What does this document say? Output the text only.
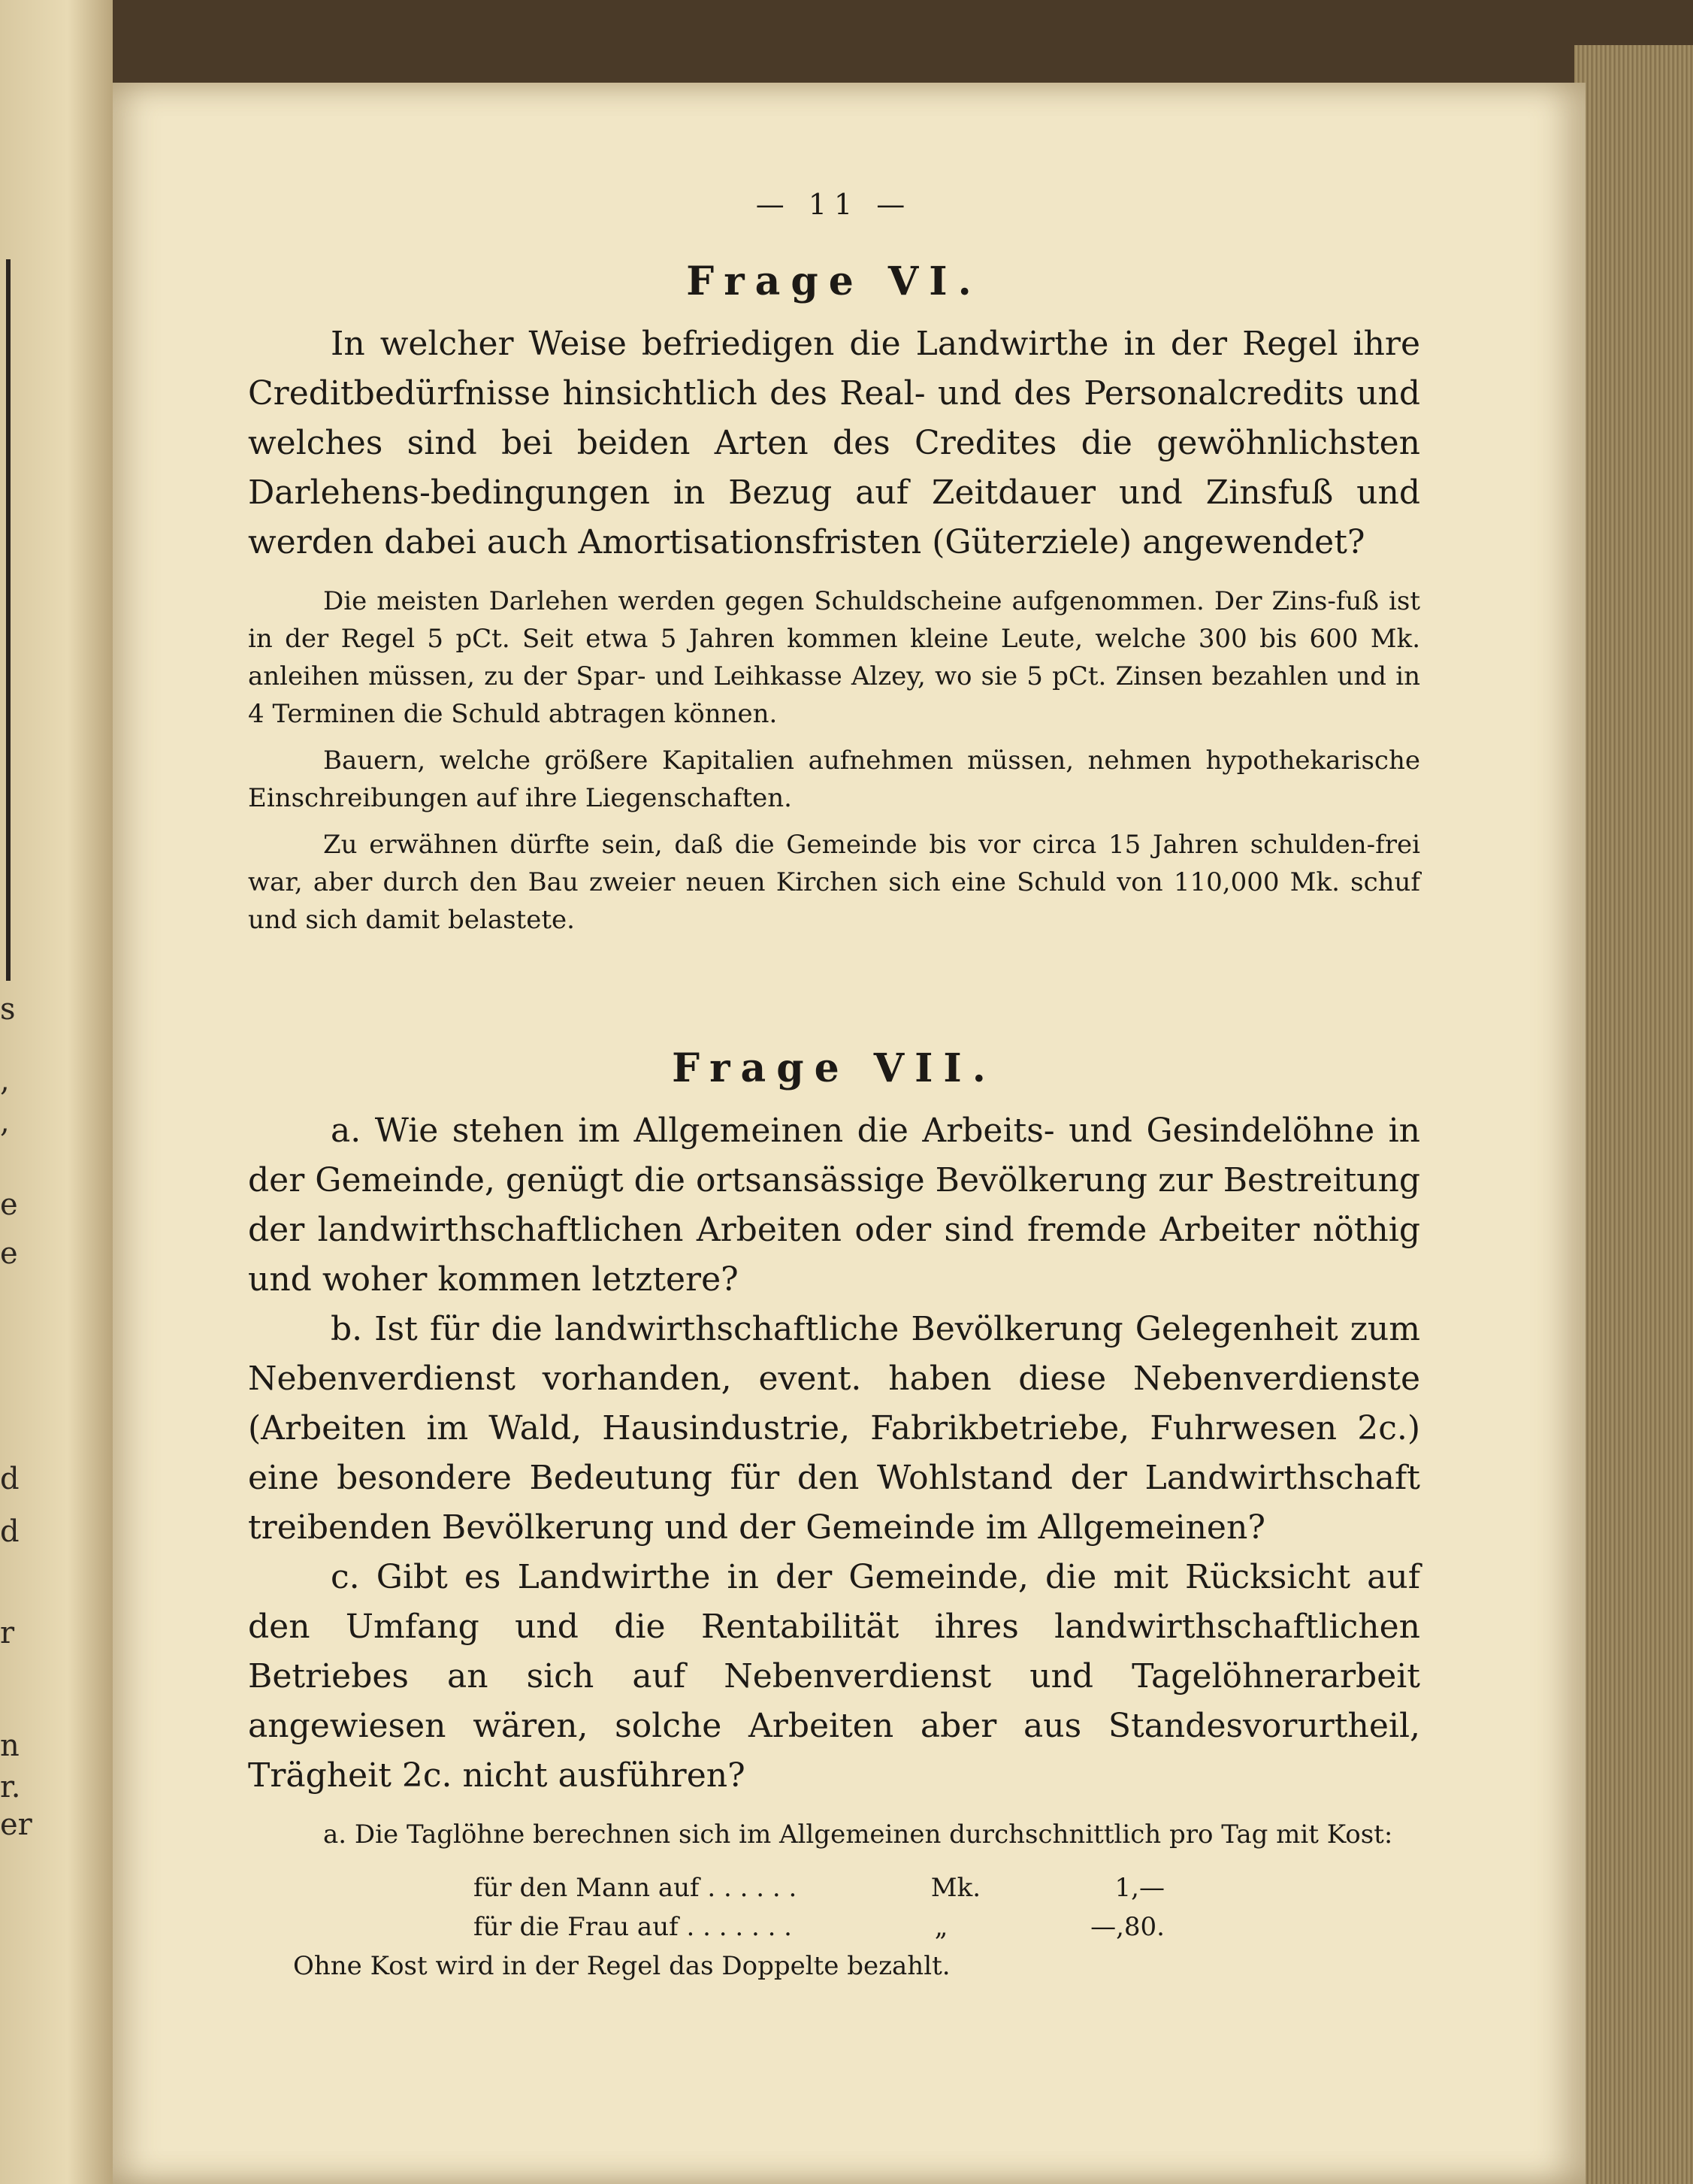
s
,
,
e
e
d
d
r
n
r.
er
— 11 —
Frage VI.

In welcher Weise befriedigen die Landwirthe in der Regel ihre Creditbedürfnisse hinsichtlich des Real- und des Personalcredits und welches sind bei beiden Arten des Credites die gewöhnlichsten Darlehens-bedingungen in Bezug auf Zeitdauer und Zinsfuß und werden dabei auch Amortisationsfristen (Güterziele) angewendet?

Die meisten Darlehen werden gegen Schuldscheine aufgenommen. Der Zins-fuß ist in der Regel 5 pCt. Seit etwa 5 Jahren kommen kleine Leute, welche 300 bis 600 Mk. anleihen müssen, zu der Spar- und Leihkasse Alzey, wo sie 5 pCt. Zinsen bezahlen und in 4 Terminen die Schuld abtragen können.

Bauern, welche größere Kapitalien aufnehmen müssen, nehmen hypothekarische Einschreibungen auf ihre Liegenschaften.

Zu erwähnen dürfte sein, daß die Gemeinde bis vor circa 15 Jahren schulden-frei war, aber durch den Bau zweier neuen Kirchen sich eine Schuld von 110,000 Mk. schuf und sich damit belastete.

Frage VII.

a. Wie stehen im Allgemeinen die Arbeits- und Gesindelöhne in der Gemeinde, genügt die ortsansässige Bevölkerung zur Bestreitung der landwirthschaftlichen Arbeiten oder sind fremde Arbeiter nöthig und woher kommen letztere?

b. Ist für die landwirthschaftliche Bevölkerung Gelegenheit zum Nebenverdienst vorhanden, event. haben diese Nebenverdienste (Arbeiten im Wald, Hausindustrie, Fabrikbetriebe, Fuhrwesen 2c.) eine besondere Bedeutung für den Wohlstand der Landwirthschaft treibenden Bevölkerung und der Gemeinde im Allgemeinen?

c. Gibt es Landwirthe in der Gemeinde, die mit Rücksicht auf den Umfang und die Rentabilität ihres landwirthschaftlichen Betriebes an sich auf Nebenverdienst und Tagelöhnerarbeit angewiesen wären, solche Arbeiten aber aus Standesvorurtheil, Trägheit 2c. nicht ausführen?

a. Die Taglöhne berechnen sich im Allgemeinen durchschnittlich pro Tag mit Kost:

für den Mann auf . . . . . .	Mk.	1,—
für die Frau auf . . . . . . .	„	—,80.
Ohne Kost wird in der Regel das Doppelte bezahlt.
